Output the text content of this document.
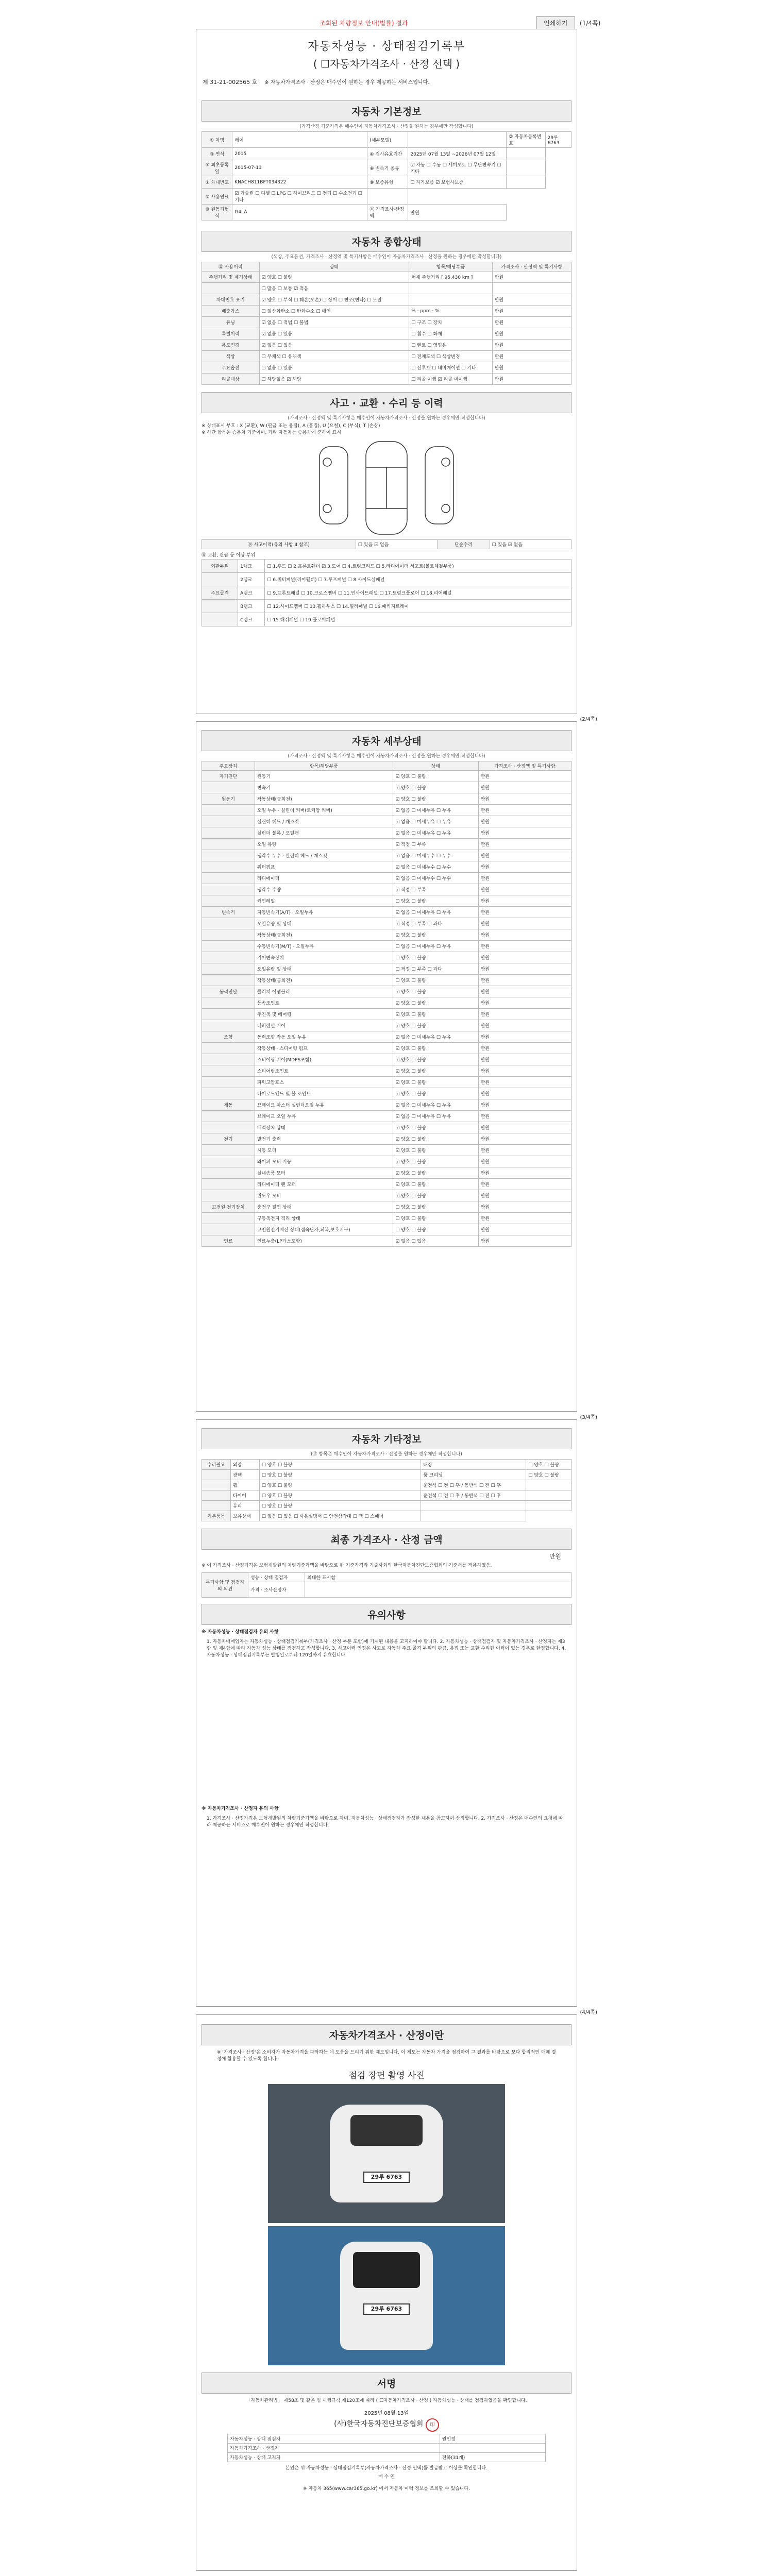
조회된 차량정보 안내(법률) 결과	인쇄하기	(1/4쪽)
자동차성능 · 상태점검기록부
( ☐자동차가격조사 · 산정 선택 )
제 31-21-002565 호 ※ 자동차가격조사 · 산정은 매수인이 원하는 경우 제공하는 서비스입니다.
자동차 기본정보
(가격산정 기준가격은 매수인이 자동차가격조사 · 산정을 원하는 경우에만 작성합니다)
① 차명	레이	(세부모델)		② 자동차등록번호	29루6763
③ 연식	2015	④ 검사유효기간	2025년 07월 13일 ~2026년 07월 12일		
⑤ 최초등록일	2015-07-13	⑥ 변속기 종류	☑ 자동 ☐ 수동 ☐ 세미오토 ☐ 무단변속기 ☐ 기타		
⑦ 차대번호	KNACH811BFT034322	⑧ 보증유형	☐ 자가보증 ☑ 보험사보증		
⑨ 사용연료	☑ 가솔린 ☐ 디젤 ☐ LPG ☐ 하이브리드 ☐ 전기 ☐ 수소전기 ☐ 기타				
⑩ 원동기형식	G4LA	⑪ 가격조사·산정액	만원		
자동차 종합상태
(색상, 주요옵션, 가격조사 · 산정액 및 특기사항은 매수인이 자동차가격조사 · 산정을 원하는 경우에만 작성합니다)
⑫ 사용이력	상태	항목/해당부품	가격조사 · 산정액 및 특기사항
주행거리 및 계기상태	☑ 양호 ☐ 불량	현재 주행거리 [ 95,430 km ]	만원
	☐ 많음 ☐ 보통 ☑ 적음		
차대번호 표기	☑ 양호 ☐ 부식 ☐ 훼손(오손) ☐ 상이 ☐ 변조(변타) ☐ 도말		만원
배출가스	☐ 일산화탄소 ☐ 탄화수소 ☐ 매연	% · ppm · %	만원
튜닝	☑ 없음 ☐ 적법 ☐ 불법	☐ 구조 ☐ 장치	만원
특별이력	☑ 없음 ☐ 있음	☐ 침수 ☐ 화재	만원
용도변경	☑ 없음 ☐ 있음	☐ 렌트 ☐ 영업용	만원
색상	☐ 무채색 ☐ 유채색	☐ 전체도색 ☐ 색상변경	만원
주요옵션	☐ 없음 ☐ 있음	☐ 선루프 ☐ 네비게이션 ☐ 기타	만원
리콜대상	☐ 해당없음 ☑ 해당	☐ 리콜 이행 ☑ 리콜 미이행	만원
사고 · 교환 · 수리 등 이력
(가격조사 · 산정액 및 특기사항은 매수인이 자동차가격조사 · 산정을 원하는 경우에만 작성합니다)
※ 상태표시 부호 : X (교환), W (판금 또는 용접), A (흠집), U (요철), C (부식), T (손상)
※ 하단 항목은 승용차 기준이며, 기타 자동차는 승용차에 준하여 표시
⑭ 사고이력(유의 사항 4 참조)	☐ 있음 ☑ 없음	단순수리	☐ 있음 ☑ 없음
⑯ 교환, 판금 등 이상 부위
외판부위	1랭크	☐ 1.후드 ☐ 2.프론트휀더 ☑ 3.도어 ☐ 4.트렁크리드 ☐ 5.라디에이터 서포트(볼트체결부품)
	2랭크	☐ 6.쿼터패널(리어휀더) ☐ 7.루프패널 ☐ 8.사이드실패널
주요골격	A랭크	☐ 9.프론트패널 ☐ 10.크로스멤버 ☐ 11.인사이드패널 ☐ 17.트렁크플로어 ☐ 18.리어패널
	B랭크	☐ 12.사이드멤버 ☐ 13.휠하우스 ☐ 14.필러패널 ☐ 16.패키지트레이
	C랭크	☐ 15.대쉬패널 ☐ 19.플로어패널
(2/4쪽)
자동차 세부상태
(가격조사 · 산정액 및 특기사항은 매수인이 자동차가격조사 · 산정을 원하는 경우에만 작성합니다)
주요장치	항목/해당부품	상태	가격조사 · 산정액 및 특기사항
자기진단	원동기	☑ 양호 ☐ 불량	만원
	변속기	☑ 양호 ☐ 불량	만원
원동기	작동상태(공회전)	☑ 양호 ☐ 불량	만원
	오일 누유 · 실린더 커버(로커암 커버)	☑ 없음 ☐ 미세누유 ☐ 누유	만원
	실린더 헤드 / 개스킷	☑ 없음 ☐ 미세누유 ☐ 누유	만원
	실린더 블록 / 오일팬	☑ 없음 ☐ 미세누유 ☐ 누유	만원
	오일 유량	☑ 적정 ☐ 부족	만원
	냉각수 누수 · 실린더 헤드 / 개스킷	☑ 없음 ☐ 미세누수 ☐ 누수	만원
	워터펌프	☑ 없음 ☐ 미세누수 ☐ 누수	만원
	라디에이터	☑ 없음 ☐ 미세누수 ☐ 누수	만원
	냉각수 수량	☑ 적정 ☐ 부족	만원
	커먼레일	☐ 양호 ☐ 불량	만원
변속기	자동변속기(A/T) · 오일누유	☑ 없음 ☐ 미세누유 ☐ 누유	만원
	오일유량 및 상태	☑ 적정 ☐ 부족 ☐ 과다	만원
	작동상태(공회전)	☑ 양호 ☐ 불량	만원
	수동변속기(M/T) · 오일누유	☐ 없음 ☐ 미세누유 ☐ 누유	만원
	기어변속장치	☐ 양호 ☐ 불량	만원
	오일유량 및 상태	☐ 적정 ☐ 부족 ☐ 과다	만원
	작동상태(공회전)	☐ 양호 ☐ 불량	만원
동력전달	클러치 어셈블리	☑ 양호 ☐ 불량	만원
	등속조인트	☑ 양호 ☐ 불량	만원
	추진축 및 베어링	☑ 양호 ☐ 불량	만원
	디퍼렌셜 기어	☑ 양호 ☐ 불량	만원
조향	동력조향 작동 오일 누유	☑ 없음 ☐ 미세누유 ☐ 누유	만원
	작동상태 · 스티어링 펌프	☑ 양호 ☐ 불량	만원
	스티어링 기어(MDPS포함)	☑ 양호 ☐ 불량	만원
	스티어링조인트	☑ 양호 ☐ 불량	만원
	파워고압호스	☑ 양호 ☐ 불량	만원
	타이로드엔드 및 볼 조인트	☑ 양호 ☐ 불량	만원
제동	브레이크 마스터 실린더오일 누유	☑ 없음 ☐ 미세누유 ☐ 누유	만원
	브레이크 오일 누유	☑ 없음 ☐ 미세누유 ☐ 누유	만원
	배력장치 상태	☑ 양호 ☐ 불량	만원
전기	발전기 출력	☑ 양호 ☐ 불량	만원
	시동 모터	☑ 양호 ☐ 불량	만원
	와이퍼 모터 기능	☑ 양호 ☐ 불량	만원
	실내송풍 모터	☑ 양호 ☐ 불량	만원
	라디에이터 팬 모터	☑ 양호 ☐ 불량	만원
	윈도우 모터	☑ 양호 ☐ 불량	만원
고전원 전기장치	충전구 절연 상태	☐ 양호 ☐ 불량	만원
	구동축전지 격리 상태	☐ 양호 ☐ 불량	만원
	고전원전기배선 상태(접속단자,피복,보호기구)	☐ 양호 ☐ 불량	만원
연료	연료누출(LP가스포함)	☑ 없음 ☐ 있음	만원
(3/4쪽)
자동차 기타정보
(⑰ 항목은 매수인이 자동차가격조사 · 산정을 원하는 경우에만 작성합니다)
수리필요	외장	☐ 양호 ☐ 불량	내장	☐ 양호 ☐ 불량
	광택	☐ 양호 ☐ 불량	룸 크리닝	☐ 양호 ☐ 불량
	휠	☐ 양호 ☐ 불량	운전석 ☐ 전 ☐ 후 / 동반석 ☐ 전 ☐ 후	
	타이어	☐ 양호 ☐ 불량	운전석 ☐ 전 ☐ 후 / 동반석 ☐ 전 ☐ 후	
	유리	☐ 양호 ☐ 불량		
기본품목	보유상태	☐ 없음 ☐ 있음 ☐ 사용설명서 ☐ 안전삼각대 ☐ 잭 ☐ 스패너		
최종 가격조사 · 산정 금액
만원
※ 이 가격조사 · 산정가격은 보험개발원의 차량기준가액을 바탕으로 한 기준가격과 기술사회의 한국자동차진단보증협회의 기준서를 적용하였음.
특기사항 및 점검자의 의견	성능 · 상태 점검자	최대한 표시함
	가격 · 조사산정자	
유의사항
※ 자동차성능 · 상태점검자 유의 사항
1. 자동차매매업자는 자동차성능 · 상태점검기록부(가격조사 · 산정 부분 포함)에 기재된 내용을 고지하여야 합니다. 2. 자동차성능 · 상태점검자 및 자동차가격조사 · 산정자는 제3항 및 제4항에 따라 자동차 성능 상태를 점검하고 작성합니다. 3. 사고이력 인정은 사고로 자동차 주요 골격 부위의 판금, 용접 또는 교환 수리한 이력이 있는 경우로 한정합니다. 4. 자동차성능 · 상태점검기록부는 발행일로부터 120일까지 유효합니다.
※ 자동차가격조사 · 산정자 유의 사항
1. 가격조사 · 산정가격은 보험개발원의 차량기준가액을 바탕으로 하며, 자동차성능 · 상태점검자가 작성한 내용을 참고하여 산정합니다. 2. 가격조사 · 산정은 매수인의 요청에 따라 제공하는 서비스로 매수인이 원하는 경우에만 작성합니다.
(4/4쪽)
자동차가격조사 · 산정이란
※ '가격조사 · 산정'은 소비자가 자동차가격을 파악하는 데 도움을 드리기 위한 제도입니다. 이 제도는 자동차 가격을 점검하여 그 결과를 바탕으로 보다 합리적인 매매 결정에 활용할 수 있도록 합니다.
점검 장면 촬영 사진
29루 6763
29루 6763
서명
「자동차관리법」 제58조 및 같은 법 시행규칙 제120조에 따라 ( ☐자동차가격조사 · 산정 ) 자동차성능 · 상태를 점검하였음을 확인합니다.
2025년 08월 13일
(사)한국자동차진단보증협회 印
자동차성능 · 상태 점검자	권민정
자동차가격조사 · 산정자	
자동차성능 · 상태 고지자	전하(31개)
본인은 위 자동차성능 · 상태점검기록부(자동차가격조사 · 산정 선택)를 발급받고 이상을 확인합니다.
매 수 인
※ 자동차 365(www.car365.go.kr) 에서 자동차 이력 정보를 조회할 수 있습니다.
